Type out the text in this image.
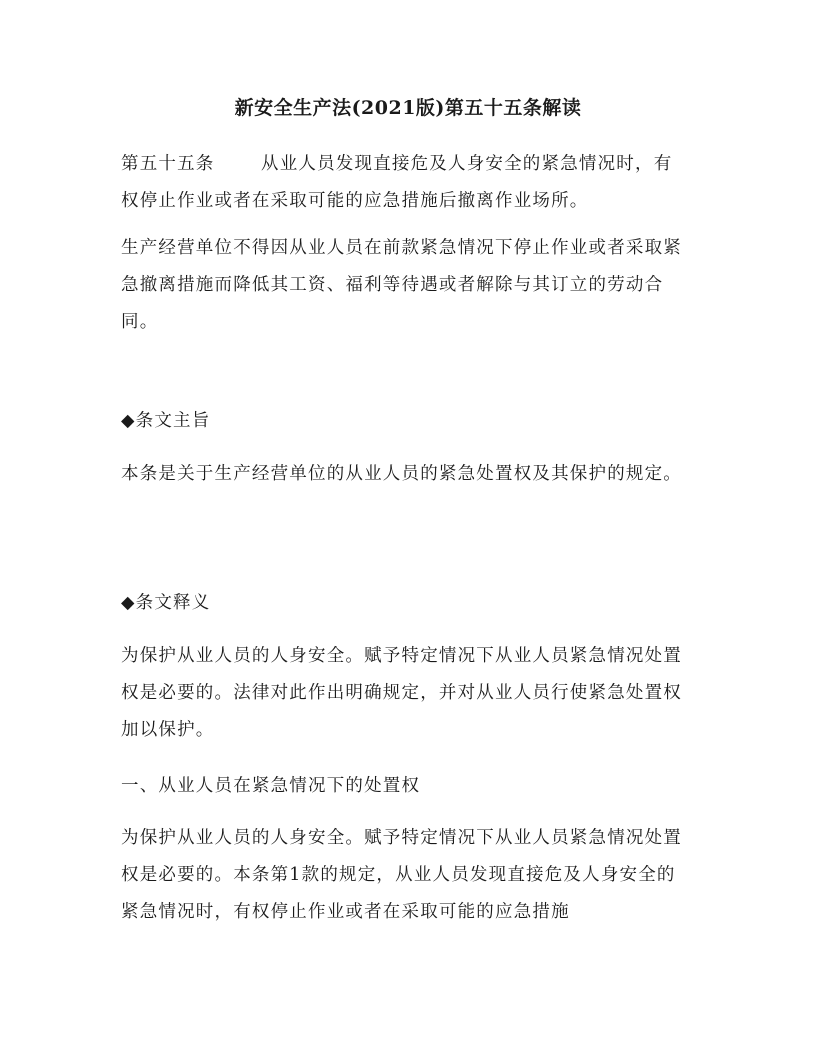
新安全生产法(2021版)第五十五条解读

第五十五条	从业人员发现直接危及人身安全的紧急情况时，有权停止作业或者在采取可能的应急措施后撤离作业场所。

生产经营单位不得因从业人员在前款紧急情况下停止作业或者采取紧急撤离措施而降低其工资、福利等待遇或者解除与其订立的劳动合同。

◆条文主旨

本条是关于生产经营单位的从业人员的紧急处置权及其保护的规定。

◆条文释义

为保护从业人员的人身安全。赋予特定情况下从业人员紧急情况处置权是必要的。法律对此作出明确规定，并对从业人员行使紧急处置权加以保护。

一、从业人员在紧急情况下的处置权

为保护从业人员的人身安全。赋予特定情况下从业人员紧急情况处置权是必要的。本条第1款的规定，从业人员发现直接危及人身安全的紧急情况时，有权停止作业或者在采取可能的应急措施
